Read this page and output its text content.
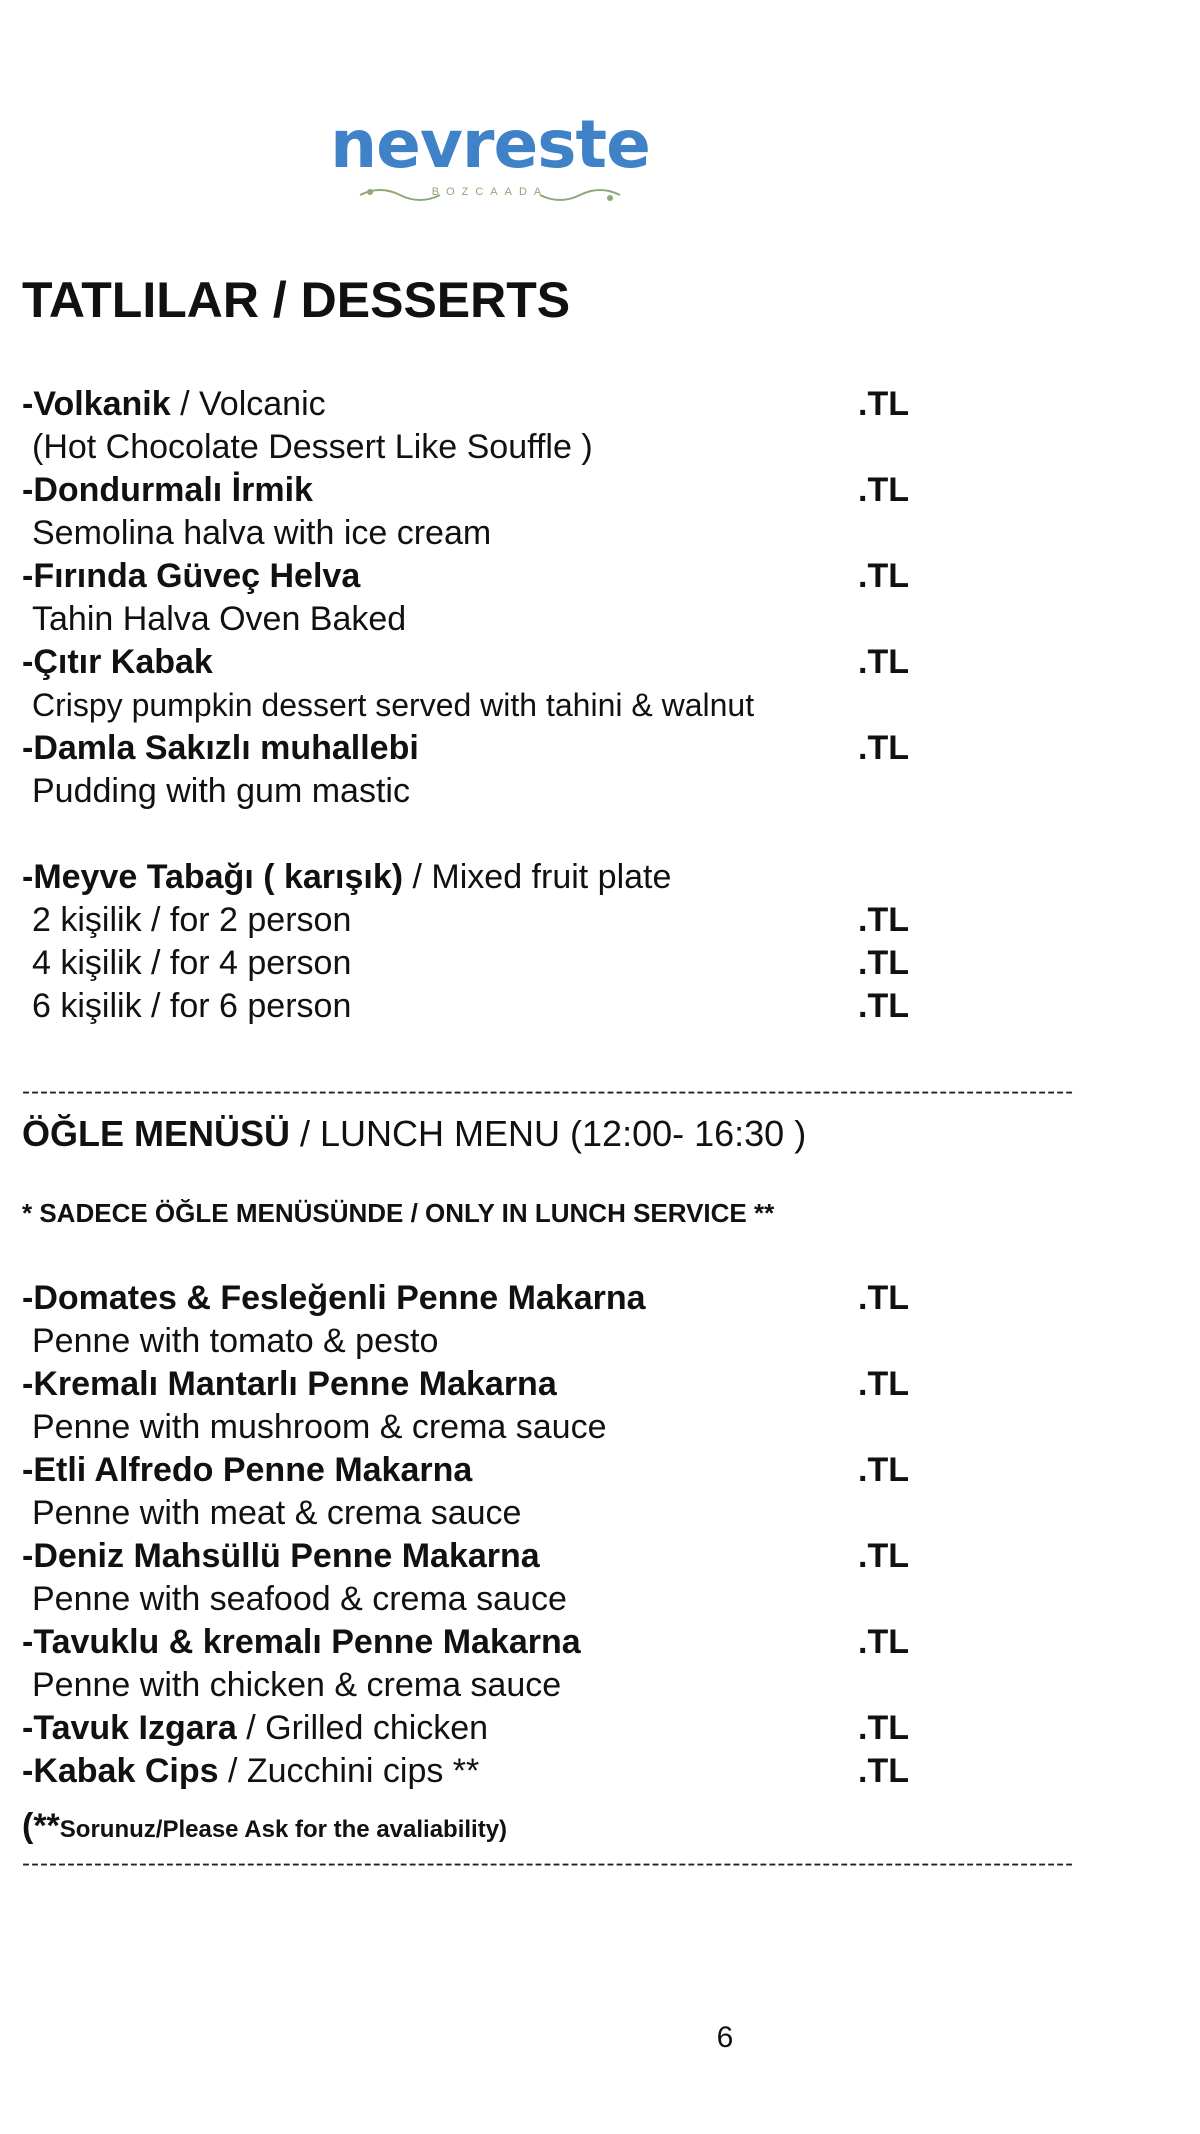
nevreste
BOZCAADA
TATLILAR / DESSERTS
-Volkanik / Volcanic	.TL
(Hot Chocolate Dessert Like Souffle )
-Dondurmalı İrmik	.TL
Semolina halva with ice cream
-Fırında Güveç Helva	.TL
Tahin Halva Oven Baked
-Çıtır Kabak	.TL
Crispy pumpkin dessert served with tahini & walnut
-Damla Sakızlı muhallebi	.TL
Pudding with gum mastic
-Meyve Tabağı ( karışık) / Mixed fruit plate
2 kişilik / for 2 person	.TL
4 kişilik / for 4 person	.TL
6 kişilik / for 6 person	.TL
---------------------------------------------------------------------------------------------------------------------
ÖĞLE MENÜSÜ / LUNCH MENU (12:00- 16:30 )
* SADECE ÖĞLE MENÜSÜNDE / ONLY IN LUNCH SERVICE **
-Domates & Fesleğenli Penne Makarna	.TL
Penne with tomato & pesto
-Kremalı Mantarlı Penne Makarna	.TL
Penne with mushroom & crema sauce
-Etli Alfredo Penne Makarna	.TL
Penne with meat & crema sauce
-Deniz Mahsüllü Penne Makarna	.TL
Penne with seafood & crema sauce
-Tavuklu & kremalı Penne Makarna	.TL
Penne with chicken & crema sauce
-Tavuk Izgara / Grilled chicken	.TL
-Kabak Cips / Zucchini cips **	.TL
(**Sorunuz/Please Ask for the avaliability)
---------------------------------------------------------------------------------------------------------------------
6
